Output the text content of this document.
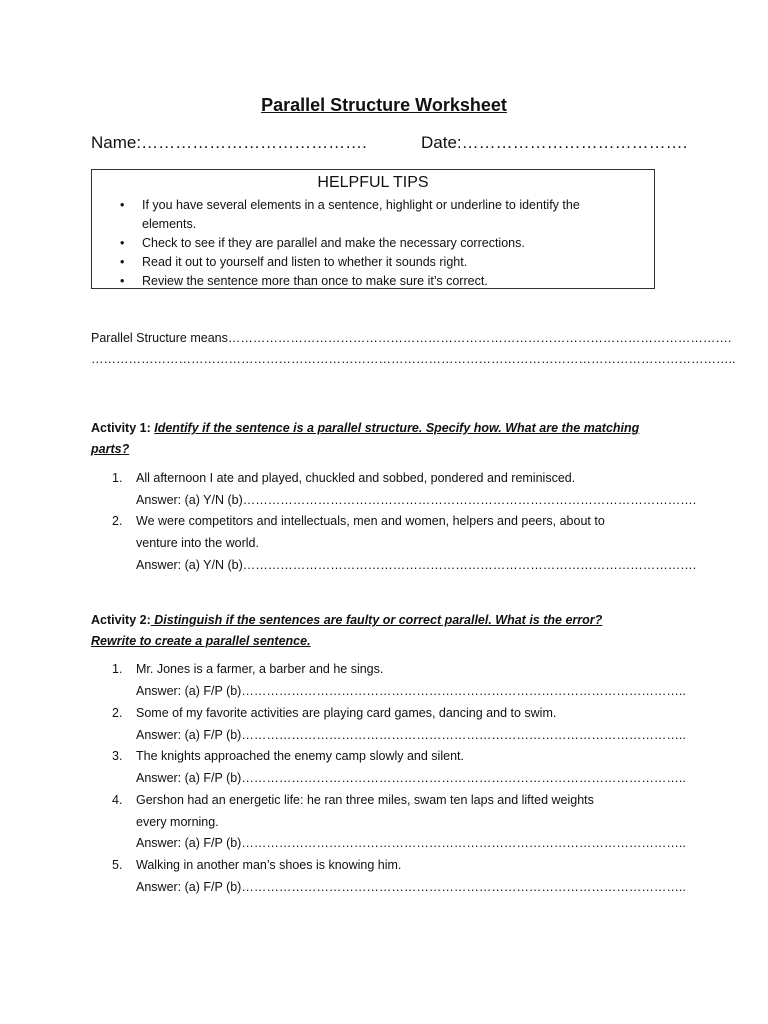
Parallel Structure Worksheet
Name:………………………………….	Date:………………………………….
HELPFUL TIPS
• If you have several elements in a sentence, highlight or underline to identify the
elements.
• Check to see if they are parallel and make the necessary corrections.
• Read it out to yourself and listen to whether it sounds right.
• Review the sentence more than once to make sure it’s correct.
Parallel Structure means………………………………………………………………………………………………………….
………………………………………………………………………………………………………………………………………..
Activity 1: Identify if the sentence is a parallel structure. Specify how. What are the matching
parts?
1. All afternoon I ate and played, chuckled and sobbed, pondered and reminisced.
Answer: (a) Y/N (b)……………………………………………………………………………………………….
2. We were competitors and intellectuals, men and women, helpers and peers, about to
venture into the world.
Answer: (a) Y/N (b)……………………………………………………………………………………………….
Activity 2: Distinguish if the sentences are faulty or correct parallel. What is the error?
Rewrite to create a parallel sentence.
1. Mr. Jones is a farmer, a barber and he sings.
Answer: (a) F/P (b)……………………………………………………………………………………………..
2. Some of my favorite activities are playing card games, dancing and to swim.
Answer: (a) F/P (b)……………………………………………………………………………………………..
3. The knights approached the enemy camp slowly and silent.
Answer: (a) F/P (b)……………………………………………………………………………………………..
4. Gershon had an energetic life: he ran three miles, swam ten laps and lifted weights
every morning.
Answer: (a) F/P (b)……………………………………………………………………………………………..
5. Walking in another man’s shoes is knowing him.
Answer: (a) F/P (b)……………………………………………………………………………………………..
